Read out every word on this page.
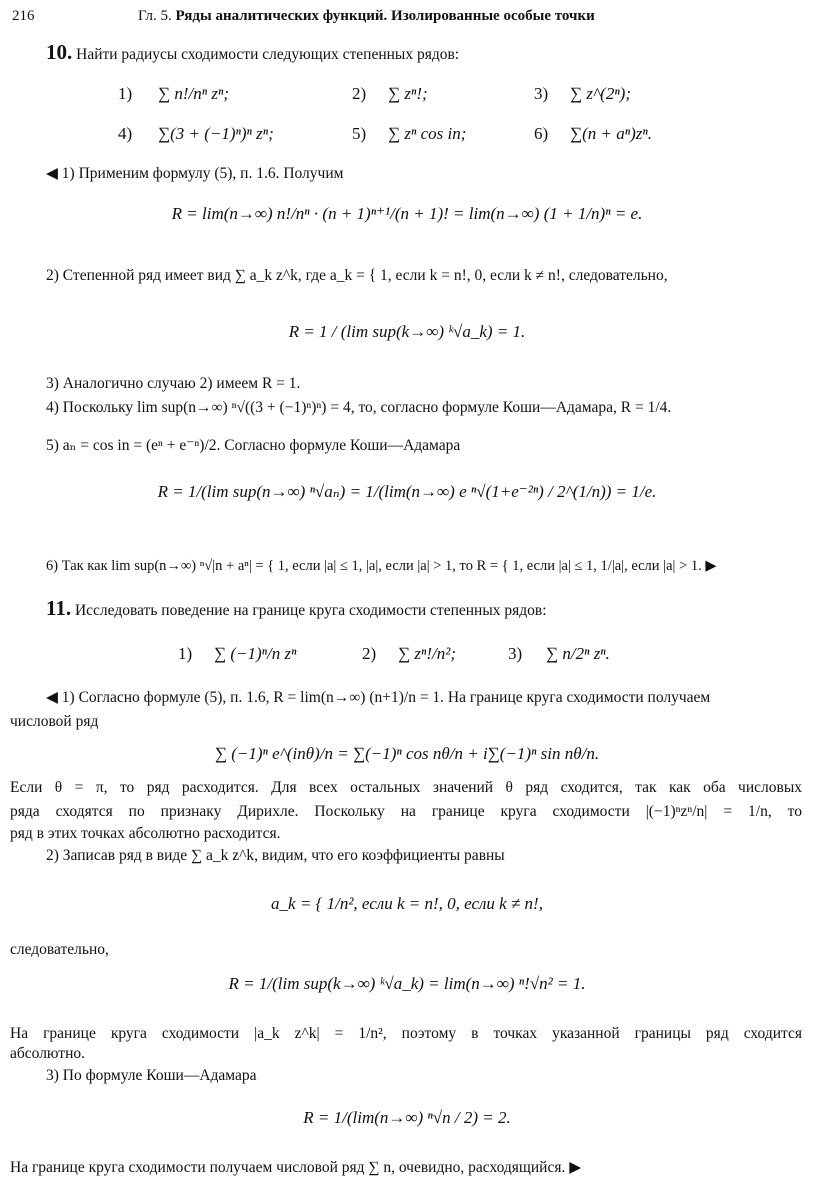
216	Гл. 5. Ряды аналитических функций. Изолированные особые точки
10. Найти радиусы сходимости следующих степенных рядов:
1) ∑ n!/nⁿ zⁿ;	2) ∑ zⁿ!;	3) ∑ z^(2ⁿ);
4) ∑(3 + (−1)ⁿ)ⁿ zⁿ;	5) ∑ zⁿ cos in;	6) ∑(n + aⁿ)zⁿ.
◀ 1) Применим формулу (5), п. 1.6. Получим
R = lim(n→∞) n!/nⁿ · (n + 1)ⁿ⁺¹/(n + 1)! = lim(n→∞) (1 + 1/n)ⁿ = e.
2) Степенной ряд имеет вид ∑ a_k z^k, где a_k = { 1, если k = n!, 0, если k ≠ n!, следовательно,
R = 1 / (lim sup(k→∞) ᵏ√a_k) = 1.
3) Аналогично случаю 2) имеем R = 1.
4) Поскольку lim sup(n→∞) ⁿ√((3 + (−1)ⁿ)ⁿ) = 4, то, согласно формуле Коши—Адамара, R = 1/4.
5) aₙ = cos in = (eⁿ + e⁻ⁿ)/2. Согласно формуле Коши—Адамара
R = 1/(lim sup(n→∞) ⁿ√aₙ) = 1/(lim(n→∞) e ⁿ√(1+e⁻²ⁿ) / 2^(1/n)) = 1/e.
6) Так как lim sup(n→∞) ⁿ√|n + aⁿ| = { 1, если |a| ≤ 1, |a|, если |a| > 1, то R = { 1, если |a| ≤ 1, 1/|a|, если |a| > 1. ▶
11. Исследовать поведение на границе круга сходимости степенных рядов:
1) ∑ (−1)ⁿ/n zⁿ	2) ∑ zⁿ!/n²;	3) ∑ n/2ⁿ zⁿ.
◀ 1) Согласно формуле (5), п. 1.6, R = lim(n→∞) (n+1)/n = 1. На границе круга сходимости получаем
числовой ряд
∑ (−1)ⁿ e^(inθ)/n = ∑(−1)ⁿ cos nθ/n + i∑(−1)ⁿ sin nθ/n.
Если θ = π, то ряд расходится. Для всех остальных значений θ ряд сходится, так как оба числовых
ряда сходятся по признаку Дирихле. Поскольку на границе круга сходимости |(−1)ⁿzⁿ/n| = 1/n, то
ряд в этих точках абсолютно расходится.
2) Записав ряд в виде ∑ a_k z^k, видим, что его коэффициенты равны
a_k = { 1/n², если k = n!, 0, если k ≠ n!,
следовательно,
R = 1/(lim sup(k→∞) ᵏ√a_k) = lim(n→∞) ⁿ!√n² = 1.
На границе круга сходимости |a_k z^k| = 1/n², поэтому в точках указанной границы ряд сходится
абсолютно.
3) По формуле Коши—Адамара
R = 1/(lim(n→∞) ⁿ√n / 2) = 2.
На границе круга сходимости получаем числовой ряд ∑ n, очевидно, расходящийся. ▶
